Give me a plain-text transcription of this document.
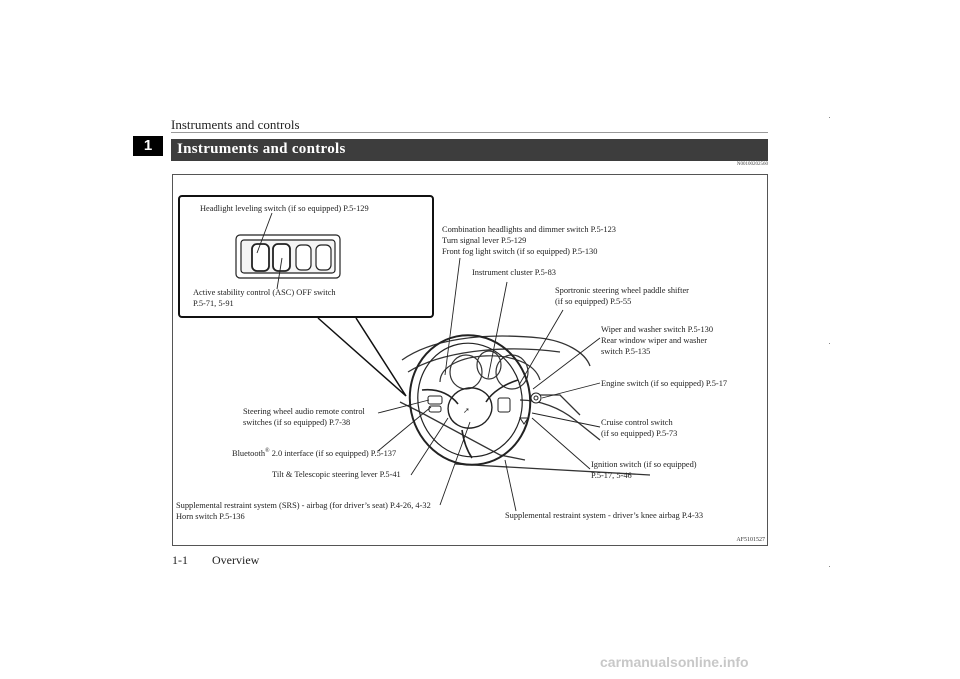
Instruments and controls
1	Instruments and controls
N00100202560
➚
Headlight leveling switch (if so equipped) P.5-129
Active stability control (ASC) OFF switch
P.5-71, 5-91
Combination headlights and dimmer switch P.5-123
Turn signal lever P.5-129
Front fog light switch (if so equipped) P.5-130
Instrument cluster P.5-83
Sportronic steering wheel paddle shifter
(if so equipped) P.5-55
Wiper and washer switch P.5-130
Rear window wiper and washer
switch P.5-135
Engine switch (if so equipped) P.5-17
Cruise control switch
(if so equipped) P.5-73
Ignition switch (if so equipped)
P.5-17, 5-46
Steering wheel audio remote control
switches (if so equipped) P.7-38
Bluetooth® 2.0 interface (if so equipped) P.5-137
Tilt & Telescopic steering lever P.5-41
Supplemental restraint system (SRS) - airbag (for driver’s seat) P.4-26, 4-32
Horn switch P.5-136	Supplemental restraint system - driver’s knee airbag P.4-33
AF5101527
1-1 Overview
carmanualsonline.info
